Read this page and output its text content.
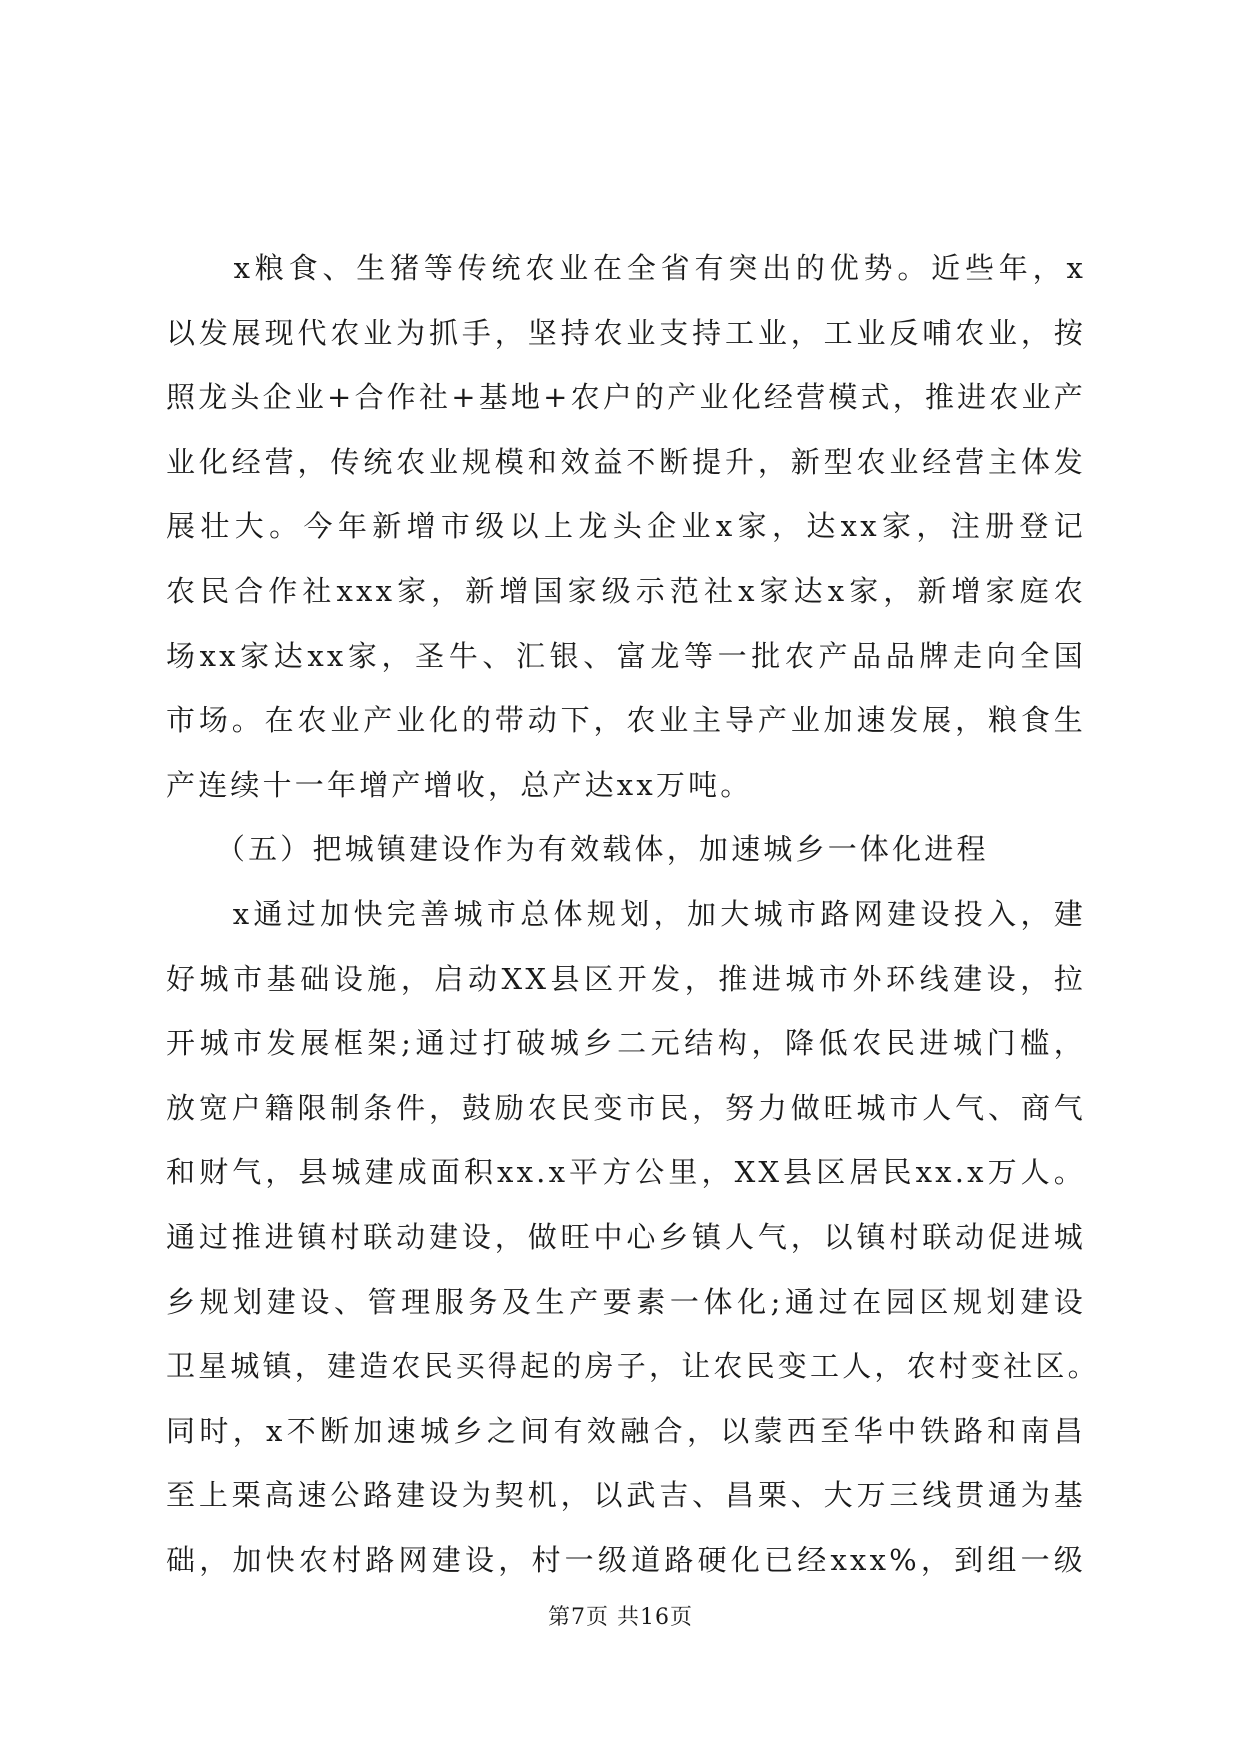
　　x粮食、生猪等传统农业在全省有突出的优势。近些年，x
以发展现代农业为抓手，坚持农业支持工业，工业反哺农业，按
照龙头企业+合作社+基地+农户的产业化经营模式，推进农业产
业化经营，传统农业规模和效益不断提升，新型农业经营主体发
展壮大。今年新增市级以上龙头企业x家，达xx家，注册登记
农民合作社xxx家，新增国家级示范社x家达x家，新增家庭农
场xx家达xx家，圣牛、汇银、富龙等一批农产品品牌走向全国
市场。在农业产业化的带动下，农业主导产业加速发展，粮食生
产连续十一年增产增收，总产达xx万吨。
　　（五）把城镇建设作为有效载体，加速城乡一体化进程
　　x通过加快完善城市总体规划，加大城市路网建设投入，建
好城市基础设施，启动XX县区开发，推进城市外环线建设，拉
开城市发展框架;通过打破城乡二元结构，降低农民进城门槛，
放宽户籍限制条件，鼓励农民变市民，努力做旺城市人气、商气
和财气，县城建成面积xx.x平方公里，XX县区居民xx.x万人。
通过推进镇村联动建设，做旺中心乡镇人气，以镇村联动促进城
乡规划建设、管理服务及生产要素一体化;通过在园区规划建设
卫星城镇，建造农民买得起的房子，让农民变工人，农村变社区。
同时，x不断加速城乡之间有效融合，以蒙西至华中铁路和南昌
至上栗高速公路建设为契机，以武吉、昌栗、大万三线贯通为基
础，加快农村路网建设，村一级道路硬化已经xxx%，到组一级
第7页 共16页
